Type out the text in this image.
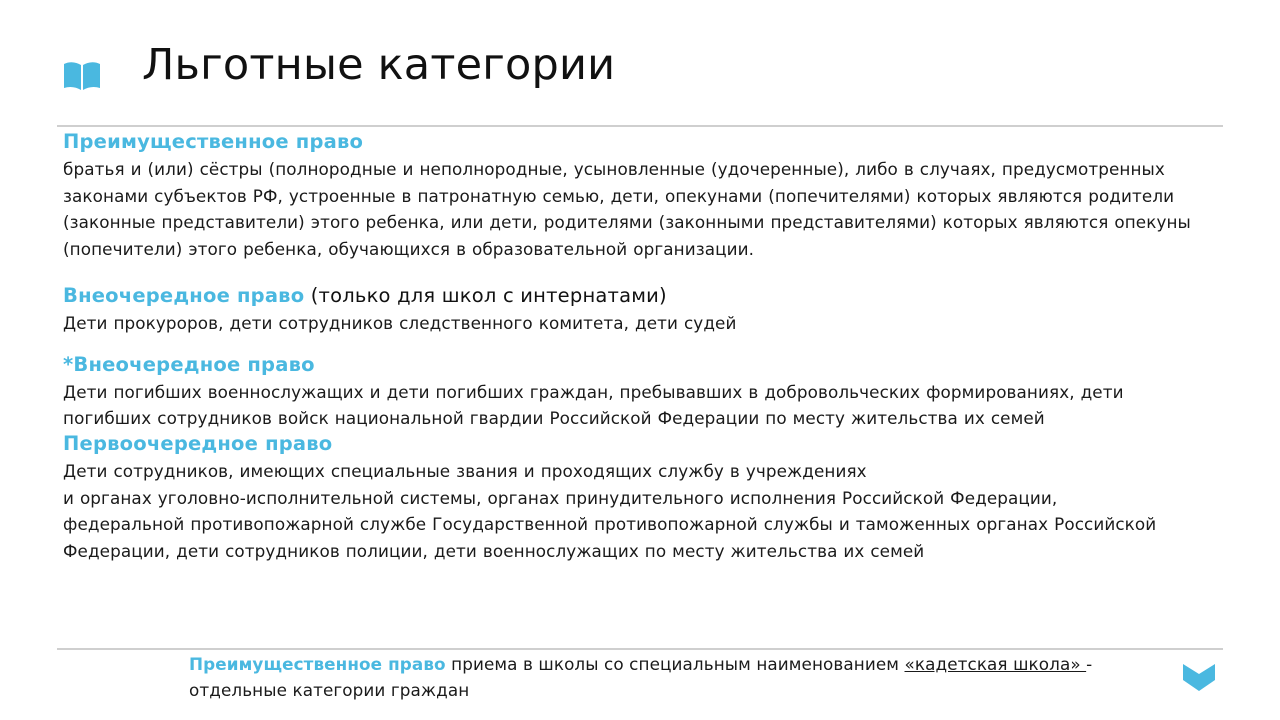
Льготные категории
Преимущественное право
братья и (или) сёстры (полнородные и неполнородные, усыновленные (удочеренные), либо в случаях, предусмотренных
законами субъектов РФ, устроенные в патронатную семью, дети, опекунами (попечителями) которых являются родители
(законные представители) этого ребенка, или дети, родителями (законными представителями) которых являются опекуны
(попечители) этого ребенка, обучающихся в образовательной организации.
Внеочередное право (только для школ с интернатами)
Дети прокуроров, дети сотрудников следственного комитета, дети судей
*Внеочередное право
Дети погибших военнослужащих и дети погибших граждан, пребывавших в добровольческих формированиях, дети
погибших сотрудников войск национальной гвардии Российской Федерации по месту жительства их семей
Первоочередное право
Дети сотрудников, имеющих специальные звания и проходящих службу в учреждениях
и органах уголовно-исполнительной системы, органах принудительного исполнения Российской Федерации,
федеральной противопожарной службе Государственной противопожарной службы и таможенных органах Российской
Федерации, дети сотрудников полиции, дети военнослужащих по месту жительства их семей
Преимущественное право приема в школы со специальным наименованием «кадетская школа» -
отдельные категории граждан
